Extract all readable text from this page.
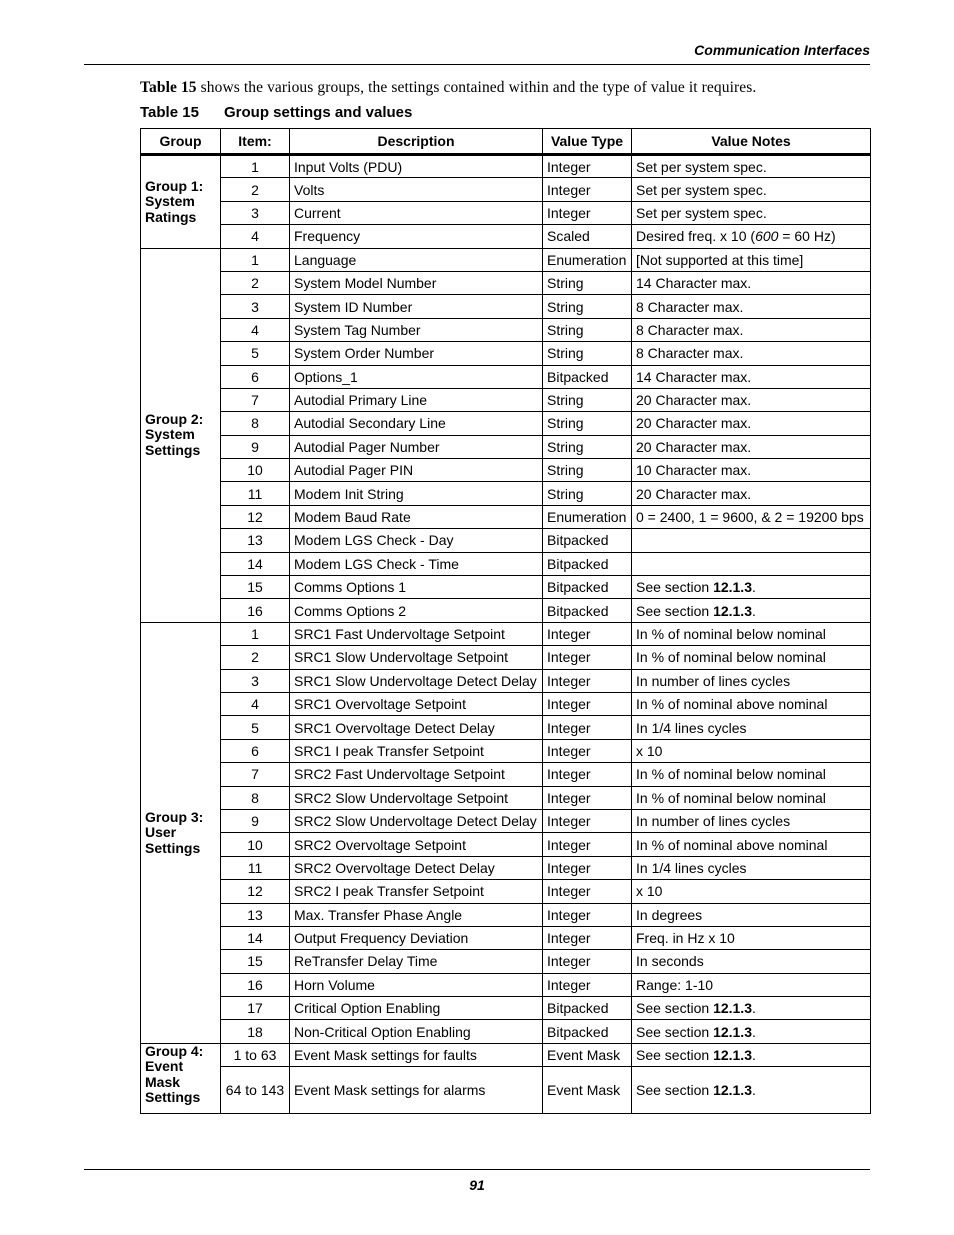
Communication Interfaces

Table 15 shows the various groups, the settings contained within and the type of value it requires.

Table 15 Group settings and values
Group	Item:	Description	Value Type	Value Notes
Group 1: System Ratings	1	Input Volts (PDU)	Integer	Set per system spec.
	2	Volts	Integer	Set per system spec.
	3	Current	Integer	Set per system spec.
	4	Frequency	Scaled	Desired freq. x 10 (600 = 60 Hz)
Group 2: System Settings	1	Language	Enumeration	[Not supported at this time]
	2	System Model Number	String	14 Character max.
	3	System ID Number	String	8 Character max.
	4	System Tag Number	String	8 Character max.
	5	System Order Number	String	8 Character max.
	6	Options_1	Bitpacked	14 Character max.
	7	Autodial Primary Line	String	20 Character max.
	8	Autodial Secondary Line	String	20 Character max.
	9	Autodial Pager Number	String	20 Character max.
	10	Autodial Pager PIN	String	10 Character max.
	11	Modem Init String	String	20 Character max.
	12	Modem Baud Rate	Enumeration	0 = 2400, 1 = 9600, & 2 = 19200 bps
	13	Modem LGS Check - Day	Bitpacked	
	14	Modem LGS Check - Time	Bitpacked	
	15	Comms Options 1	Bitpacked	See section 12.1.3.
	16	Comms Options 2	Bitpacked	See section 12.1.3.
Group 3: User Settings	1	SRC1 Fast Undervoltage Setpoint	Integer	In % of nominal below nominal
	2	SRC1 Slow Undervoltage Setpoint	Integer	In % of nominal below nominal
	3	SRC1 Slow Undervoltage Detect Delay	Integer	In number of lines cycles
	4	SRC1 Overvoltage Setpoint	Integer	In % of nominal above nominal
	5	SRC1 Overvoltage Detect Delay	Integer	In 1/4 lines cycles
	6	SRC1 I peak Transfer Setpoint	Integer	x 10
	7	SRC2 Fast Undervoltage Setpoint	Integer	In % of nominal below nominal
	8	SRC2 Slow Undervoltage Setpoint	Integer	In % of nominal below nominal
	9	SRC2 Slow Undervoltage Detect Delay	Integer	In number of lines cycles
	10	SRC2 Overvoltage Setpoint	Integer	In % of nominal above nominal
	11	SRC2 Overvoltage Detect Delay	Integer	In 1/4 lines cycles
	12	SRC2 I peak Transfer Setpoint	Integer	x 10
	13	Max. Transfer Phase Angle	Integer	In degrees
	14	Output Frequency Deviation	Integer	Freq. in Hz x 10
	15	ReTransfer Delay Time	Integer	In seconds
	16	Horn Volume	Integer	Range: 1-10
	17	Critical Option Enabling	Bitpacked	See section 12.1.3.
	18	Non-Critical Option Enabling	Bitpacked	See section 12.1.3.
Group 4: Event Mask Settings	1 to 63	Event Mask settings for faults	Event Mask	See section 12.1.3.
	64 to 143	Event Mask settings for alarms	Event Mask	See section 12.1.3.
91
